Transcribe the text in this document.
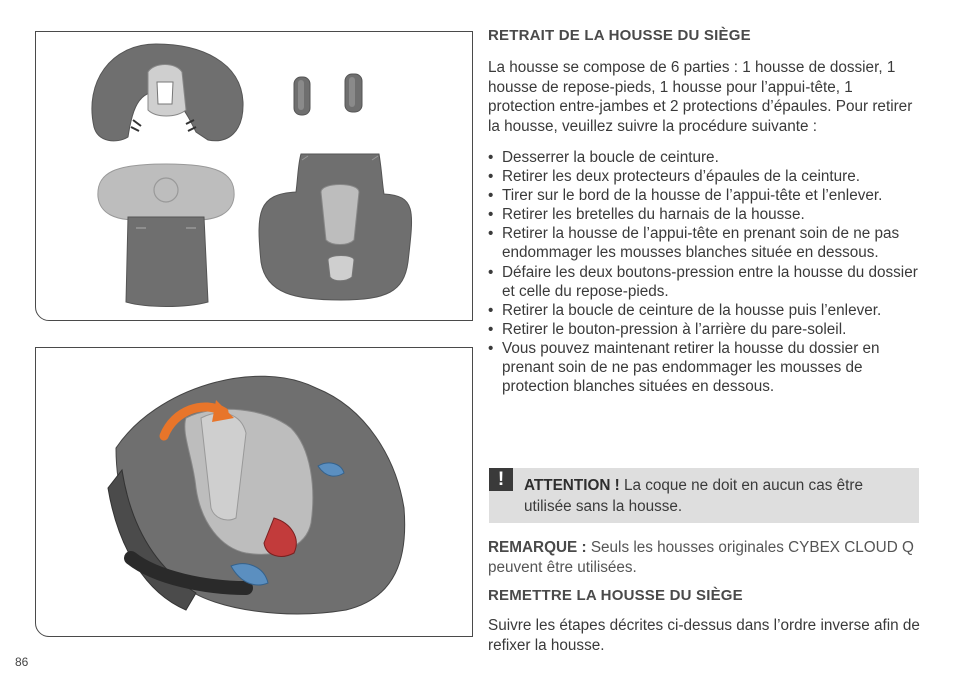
RETRAIT DE LA HOUSSE DU SIÈGE

La housse se compose de 6 parties : 1 housse de dossier, 1 housse de repose-pieds, 1 housse pour l’appui-tête, 1 protection entre-jambes et 2 protections d’épaules. Pour retirer la housse, veuillez suivre la procédure suivante :

• Desserrer la boucle de ceinture.
• Retirer les deux protecteurs d’épaules de la ceinture.
• Tirer sur le bord de la housse de l’appui-tête et l’enlever.
• Retirer les bretelles du harnais de la housse.
• Retirer la housse de l’appui-tête en prenant soin de ne pas endommager les mousses blanches située en dessous.
• Défaire les deux boutons-pression entre la housse du dossier et celle du repose-pieds.
• Retirer la boucle de ceinture de la housse puis l’enlever.
• Retirer le bouton-pression à l’arrière du pare-soleil.
• Vous pouvez maintenant retirer la housse du dossier en prenant soin de ne pas endommager les mousses de protection blanches situées en dessous.
!	ATTENTION ! La coque ne doit en aucun cas être utilisée sans la housse.
REMARQUE : Seuls les housses originales CYBEX CLOUD Q peuvent être utilisées.
REMETTRE LA HOUSSE DU SIÈGE

Suivre les étapes décrites ci-dessus dans l’ordre inverse afin de refixer la housse.

86
